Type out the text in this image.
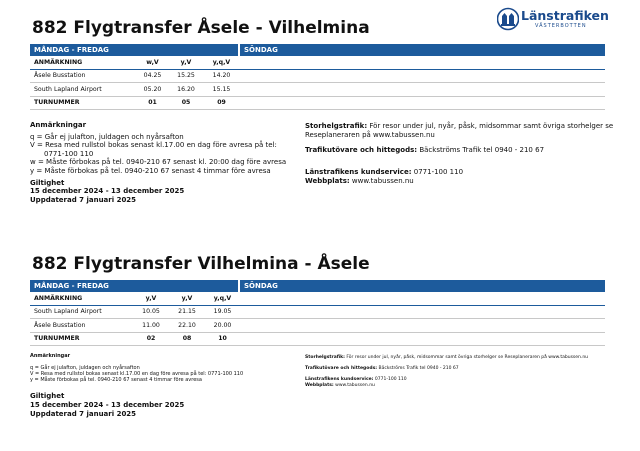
Länstrafiken
VÄSTERBOTTEN
882 Flygtransfer Åsele - Vilhelmina
MÅNDAG - FREDAG				SÖNDAG
ANMÄRKNING	w,V	y,V	y,q,V	
Åsele Busstation	04.25	15.25	14.20	
South Lapland Airport	05.20	16.20	15.15	
TURNUMMER	01	05	09	
Anmärkningar
q = Går ej julafton, juldagen och nyårsafton
V = Resa med rullstol bokas senast kl.17.00 en dag före avresa på tel:
0771-100 110
w = Måste förbokas på tel. 0940-210 67 senast kl. 20:00 dag före avresa
y = Måste förbokas på tel. 0940-210 67 senast 4 timmar före avresa
Giltighet
15 december 2024 - 13 december 2025
Uppdaterad 7 januari 2025
Storhelgstrafik: För resor under jul, nyår, påsk, midsommar samt övriga storhelger se Reseplaneraren på www.tabussen.nu
Trafikutövare och hittegods: Bäckströms Trafik tel 0940 - 210 67
Länstrafikens kundservice: 0771-100 110
Webbplats: www.tabussen.nu
882 Flygtransfer Vilhelmina - Åsele
MÅNDAG - FREDAG				SÖNDAG
ANMÄRKNING	y,V	y,V	y,q,V	
South Lapland Airport	10.05	21.15	19.05	
Åsele Busstation	11.00	22.10	20.00	
TURNUMMER	02	08	10	
Anmärkningar
q = Går ej julafton, juldagen och nyårsafton
V = Resa med rullstol bokas senast kl.17.00 en dag före avresa på tel: 0771-100 110
y = Måste förbokas på tel. 0940-210 67 senast 4 timmar före avresa
Giltighet
15 december 2024 - 13 december 2025
Uppdaterad 7 januari 2025
Storhelgstrafik: För resor under jul, nyår, påsk, midsommar samt övriga storhelger se Reseplaneraren på www.tabussen.nu
Trafikutövare och hittegods: Bäckströms Trafik tel 0940 - 210 67
Länstrafikens kundservice: 0771-100 110
Webbplats: www.tabussen.nu
